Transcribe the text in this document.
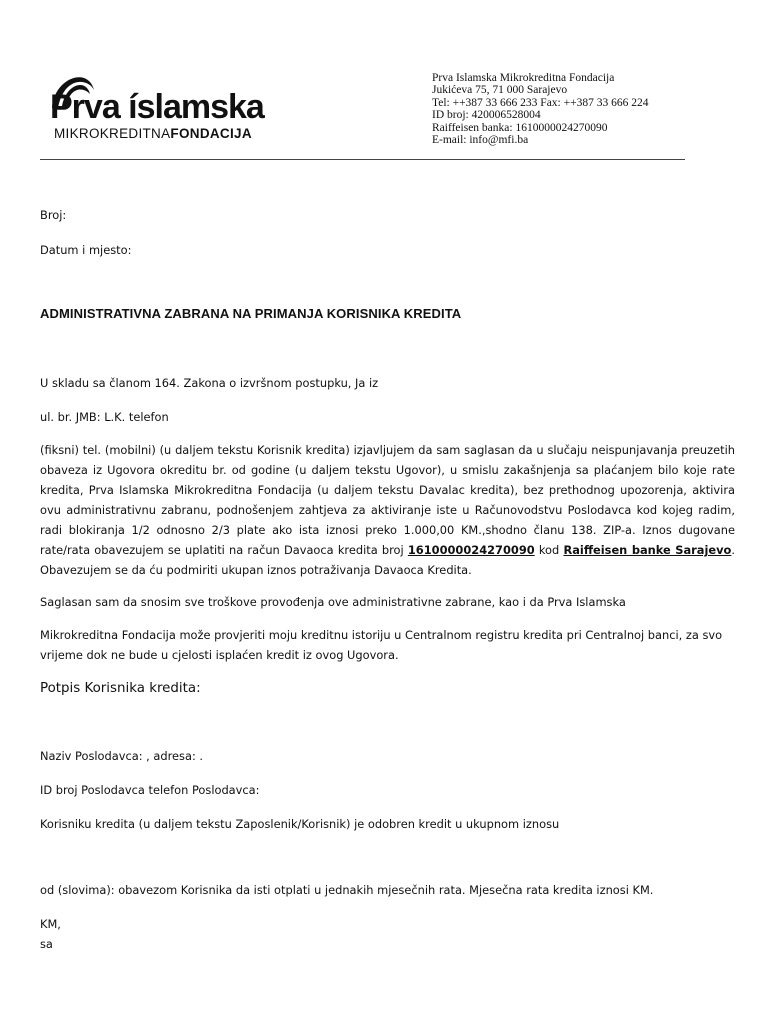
Prva íslamska
MIKROKREDITNAFONDACIJA
Prva Islamska Mikrokreditna Fondacija
Jukićeva 75, 71 000 Sarajevo
Tel: ++387 33 666 233 Fax: ++387 33 666 224
ID broj: 420006528004
Raiffeisen banka: 1610000024270090
E-mail: info@mfi.ba
Broj:
Datum i mjesto:
ADMINISTRATIVNA ZABRANA NA PRIMANJA KORISNIKA KREDITA
U skladu sa članom 164. Zakona o izvršnom postupku, Ja iz
ul. br. JMB: L.K. telefon
(fiksni) tel. (mobilni) (u daljem tekstu Korisnik kredita) izjavljujem da sam saglasan da u slučaju neispunjavanja preuzetih obaveza iz Ugovora okreditu br. od godine (u daljem tekstu Ugovor), u smislu zakašnjenja sa plaćanjem bilo koje rate kredita, Prva Islamska Mikrokreditna Fondacija (u daljem tekstu Davalac kredita), bez prethodnog upozorenja, aktivira ovu administrativnu zabranu, podnošenjem zahtjeva za aktiviranje iste u Računovodstvu Poslodavca kod kojeg radim, radi blokiranja 1/2 odnosno 2/3 plate ako ista iznosi preko 1.000,00 KM.,shodno članu 138. ZIP-a. Iznos dugovane rate/rata obavezujem se uplatiti na račun Davaoca kredita broj 1610000024270090 kod Raiffeisen banke Sarajevo. Obavezujem se da ću podmiriti ukupan iznos potraživanja Davaoca Kredita.
Saglasan sam da snosim sve troškove provođenja ove administrativne zabrane, kao i da Prva Islamska
Mikrokreditna Fondacija može provjeriti moju kreditnu istoriju u Centralnom registru kredita pri Centralnoj banci, za svo vrijeme dok ne bude u cjelosti isplaćen kredit iz ovog Ugovora.
Potpis Korisnika kredita:
Naziv Poslodavca: , adresa: .
ID broj Poslodavca telefon Poslodavca:
Korisniku kredita (u daljem tekstu Zaposlenik/Korisnik) je odobren kredit u ukupnom iznosu
od (slovima): obavezom Korisnika da isti otplati u jednakih mjesečnih rata. Mjesečna rata kredita iznosi KM.
KM,
sa
